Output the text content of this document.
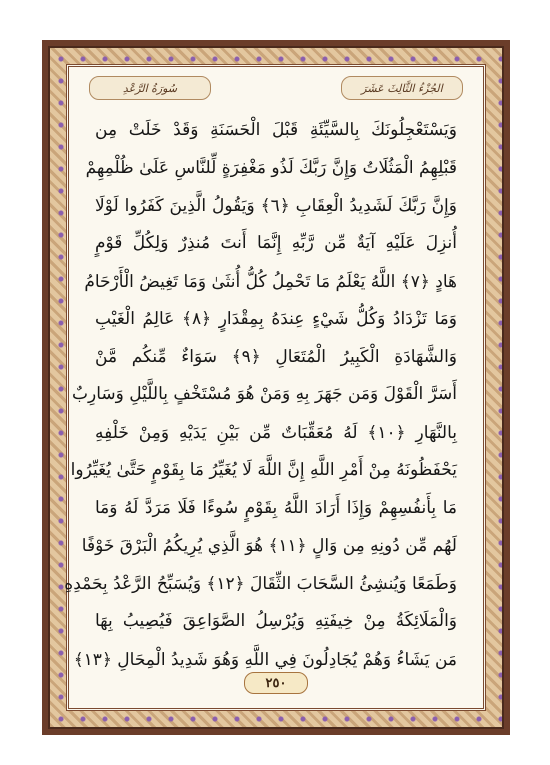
سُورَةُ الرَّعْدِ	الجُزْءُ الثَّالِثَ عَشَرَ
وَيَسْتَعْجِلُونَكَ بِالسَّيِّئَةِ قَبْلَ الْحَسَنَةِ وَقَدْ خَلَتْ مِن
قَبْلِهِمُ الْمَثُلَاتُ وَإِنَّ رَبَّكَ لَذُو مَغْفِرَةٍ لِّلنَّاسِ عَلَىٰ ظُلْمِهِمْ
وَإِنَّ رَبَّكَ لَشَدِيدُ الْعِقَابِ ﴿٦﴾ وَيَقُولُ الَّذِينَ كَفَرُوا لَوْلَا
أُنزِلَ عَلَيْهِ آيَةٌ مِّن رَّبِّهِ إِنَّمَا أَنتَ مُنذِرٌ وَلِكُلِّ قَوْمٍ
هَادٍ ﴿٧﴾ اللَّهُ يَعْلَمُ مَا تَحْمِلُ كُلُّ أُنثَىٰ وَمَا تَغِيضُ الْأَرْحَامُ
وَمَا تَزْدَادُ وَكُلُّ شَيْءٍ عِندَهُ بِمِقْدَارٍ ﴿٨﴾ عَالِمُ الْغَيْبِ
وَالشَّهَادَةِ الْكَبِيرُ الْمُتَعَالِ ﴿٩﴾ سَوَاءٌ مِّنكُم مَّنْ
أَسَرَّ الْقَوْلَ وَمَن جَهَرَ بِهِ وَمَنْ هُوَ مُسْتَخْفٍ بِاللَّيْلِ وَسَارِبٌ
بِالنَّهَارِ ﴿١٠﴾ لَهُ مُعَقِّبَاتٌ مِّن بَيْنِ يَدَيْهِ وَمِنْ خَلْفِهِ
يَحْفَظُونَهُ مِنْ أَمْرِ اللَّهِ إِنَّ اللَّهَ لَا يُغَيِّرُ مَا بِقَوْمٍ حَتَّىٰ يُغَيِّرُوا
مَا بِأَنفُسِهِمْ وَإِذَا أَرَادَ اللَّهُ بِقَوْمٍ سُوءًا فَلَا مَرَدَّ لَهُ وَمَا
لَهُم مِّن دُونِهِ مِن وَالٍ ﴿١١﴾ هُوَ الَّذِي يُرِيكُمُ الْبَرْقَ خَوْفًا
وَطَمَعًا وَيُنشِئُ السَّحَابَ الثِّقَالَ ﴿١٢﴾ وَيُسَبِّحُ الرَّعْدُ بِحَمْدِهِ
وَالْمَلَائِكَةُ مِنْ خِيفَتِهِ وَيُرْسِلُ الصَّوَاعِقَ فَيُصِيبُ بِهَا
مَن يَشَاءُ وَهُمْ يُجَادِلُونَ فِي اللَّهِ وَهُوَ شَدِيدُ الْمِحَالِ ﴿١٣﴾
٢٥٠
